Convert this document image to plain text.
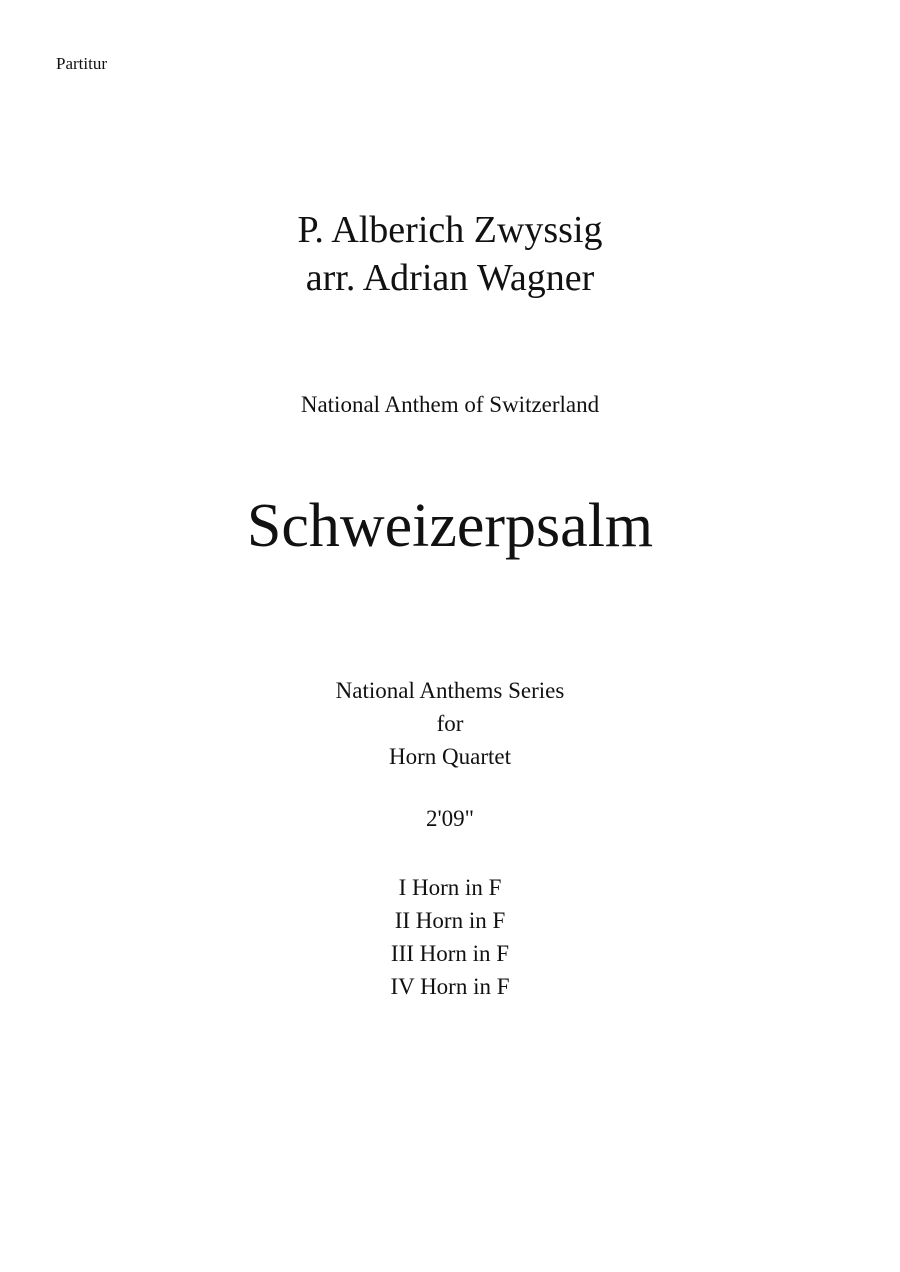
Partitur
P. Alberich Zwyssig
arr. Adrian Wagner
National Anthem of Switzerland
Schweizerpsalm
National Anthems Series
for
Horn Quartet
2'09"
I Horn in F
II Horn in F
III Horn in F
IV Horn in F
